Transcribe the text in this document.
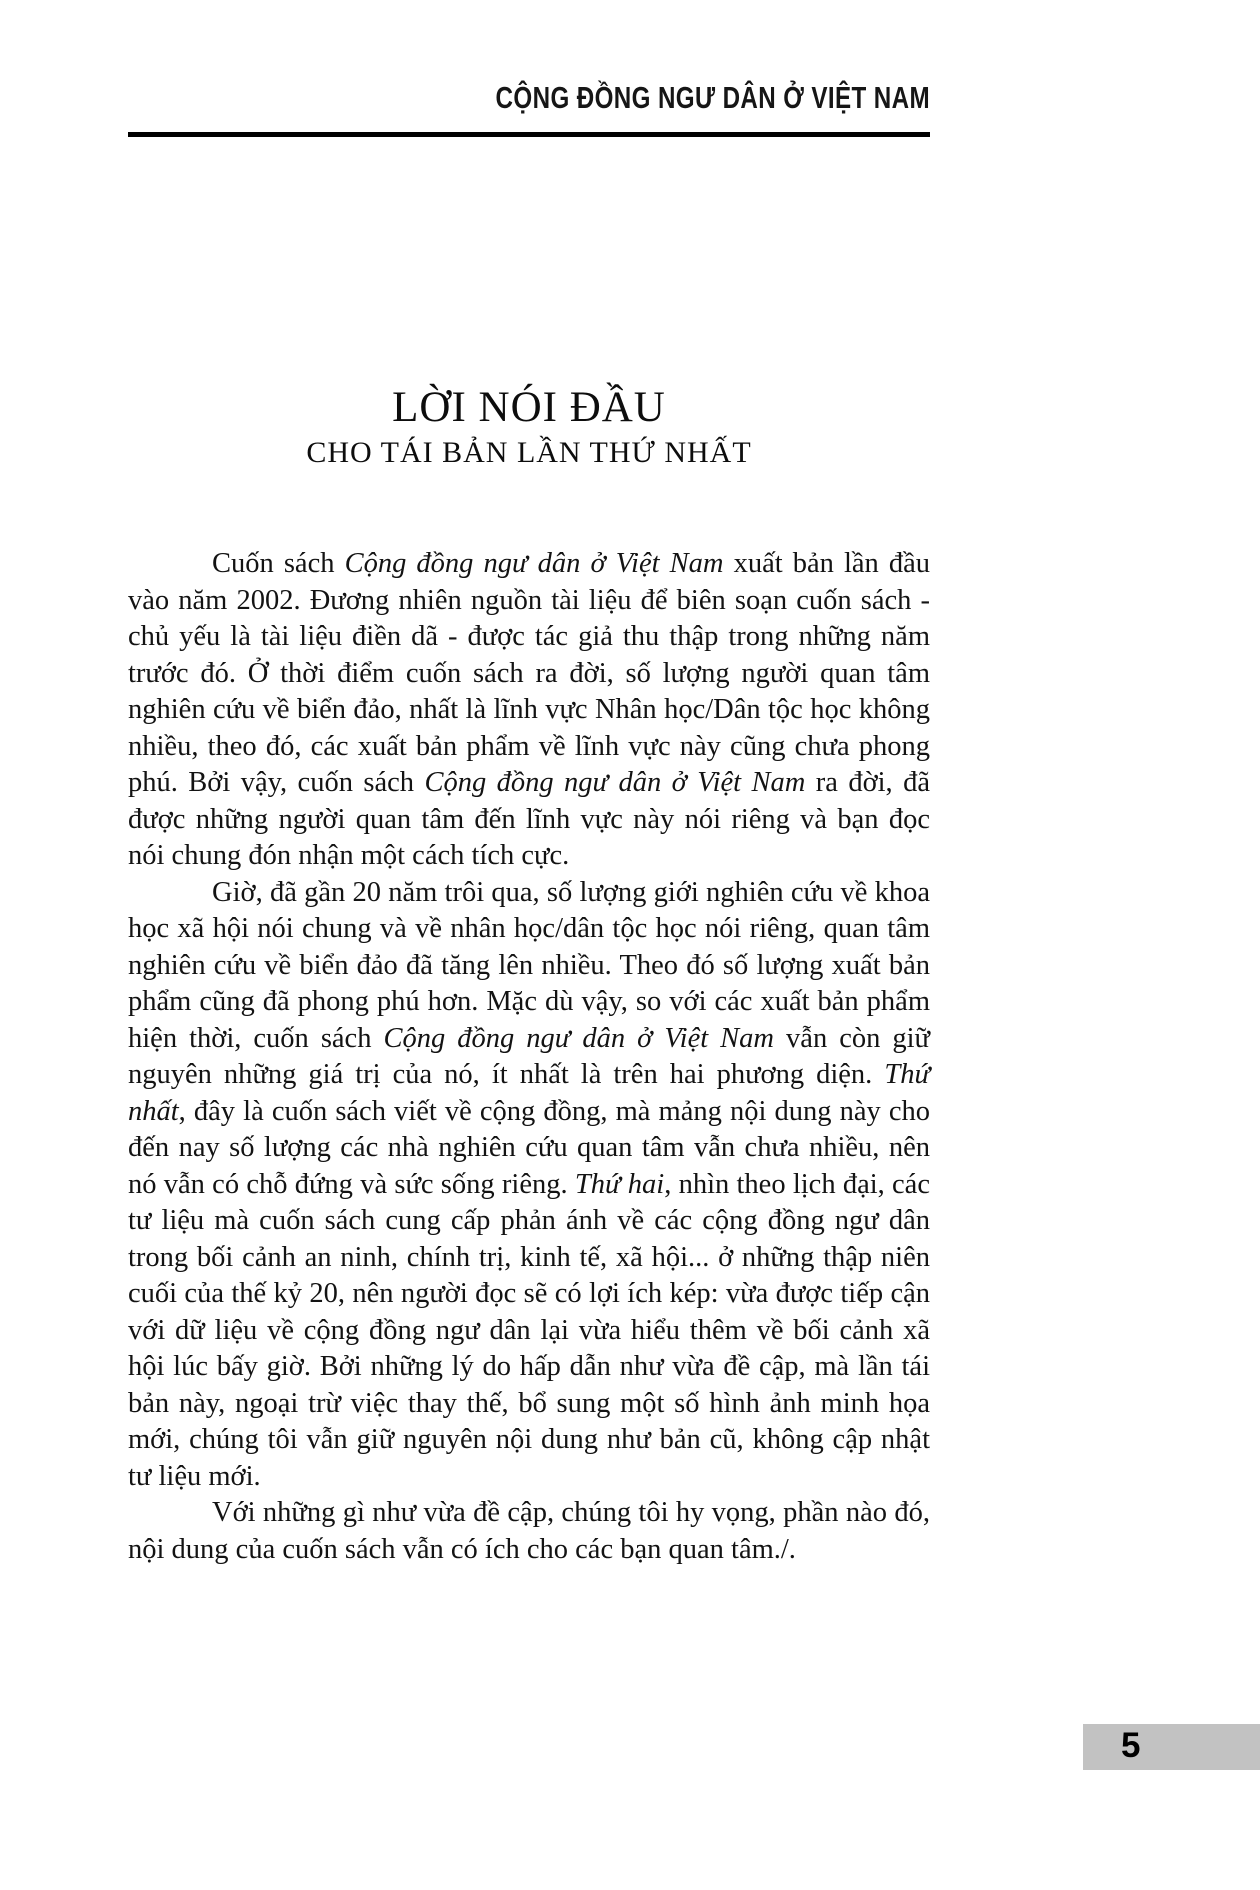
CỘNG ĐỒNG NGƯ DÂN Ở VIỆT NAM
LỜI NÓI ĐẦU
CHO TÁI BẢN LẦN THỨ NHẤT

Cuốn sách Cộng đồng ngư dân ở Việt Nam xuất bản lần đầu vào năm 2002. Đương nhiên nguồn tài liệu để biên soạn cuốn sách - chủ yếu là tài liệu điền dã - được tác giả thu thập trong những năm trước đó. Ở thời điểm cuốn sách ra đời, số lượng người quan tâm nghiên cứu về biển đảo, nhất là lĩnh vực Nhân học/Dân tộc học không nhiều, theo đó, các xuất bản phẩm về lĩnh vực này cũng chưa phong phú. Bởi vậy, cuốn sách Cộng đồng ngư dân ở Việt Nam ra đời, đã được những người quan tâm đến lĩnh vực này nói riêng và bạn đọc nói chung đón nhận một cách tích cực.

Giờ, đã gần 20 năm trôi qua, số lượng giới nghiên cứu về khoa học xã hội nói chung và về nhân học/dân tộc học nói riêng, quan tâm nghiên cứu về biển đảo đã tăng lên nhiều. Theo đó số lượng xuất bản phẩm cũng đã phong phú hơn. Mặc dù vậy, so với các xuất bản phẩm hiện thời, cuốn sách Cộng đồng ngư dân ở Việt Nam vẫn còn giữ nguyên những giá trị của nó, ít nhất là trên hai phương diện. Thứ nhất, đây là cuốn sách viết về cộng đồng, mà mảng nội dung này cho đến nay số lượng các nhà nghiên cứu quan tâm vẫn chưa nhiều, nên nó vẫn có chỗ đứng và sức sống riêng. Thứ hai, nhìn theo lịch đại, các tư liệu mà cuốn sách cung cấp phản ánh về các cộng đồng ngư dân trong bối cảnh an ninh, chính trị, kinh tế, xã hội... ở những thập niên cuối của thế kỷ 20, nên người đọc sẽ có lợi ích kép: vừa được tiếp cận với dữ liệu về cộng đồng ngư dân lại vừa hiểu thêm về bối cảnh xã hội lúc bấy giờ. Bởi những lý do hấp dẫn như vừa đề cập, mà lần tái bản này, ngoại trừ việc thay thế, bổ sung một số hình ảnh minh họa mới, chúng tôi vẫn giữ nguyên nội dung như bản cũ, không cập nhật tư liệu mới.

Với những gì như vừa đề cập, chúng tôi hy vọng, phần nào đó, nội dung của cuốn sách vẫn có ích cho các bạn quan tâm./.

5
